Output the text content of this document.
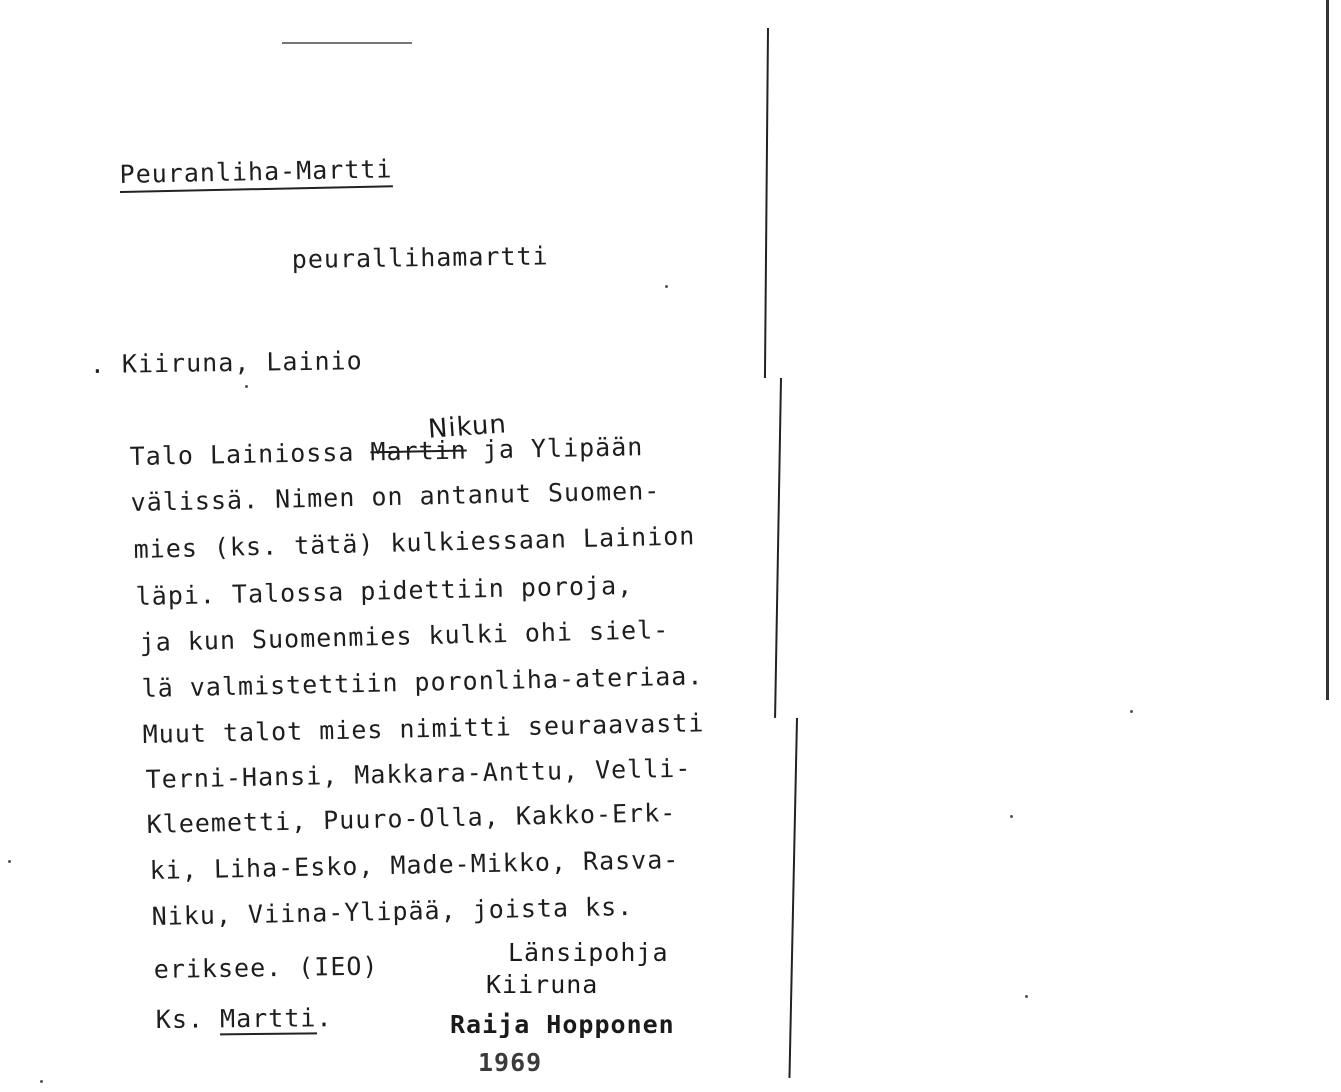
Peuranliha-Martti
peurallihamartti
. Kiiruna, Lainio
Nikun
Talo Lainiossa Martin ja Ylipään
välissä. Nimen on antanut Suomen-
mies (ks. tätä) kulkiessaan Lainion
läpi. Talossa pidettiin poroja,
ja kun Suomenmies kulki ohi siel-
lä valmistettiin poronliha-ateriaa.
Muut talot mies nimitti seuraavasti
Terni-Hansi, Makkara-Anttu, Velli-
Kleemetti, Puuro-Olla, Kakko-Erk-
ki, Liha-Esko, Made-Mikko, Rasva-
Niku, Viina-Ylipää, joista ks.
eriksee. (IEO)
Ks. Martti.
Länsipohja
Kiiruna
Raija Hopponen
1969
